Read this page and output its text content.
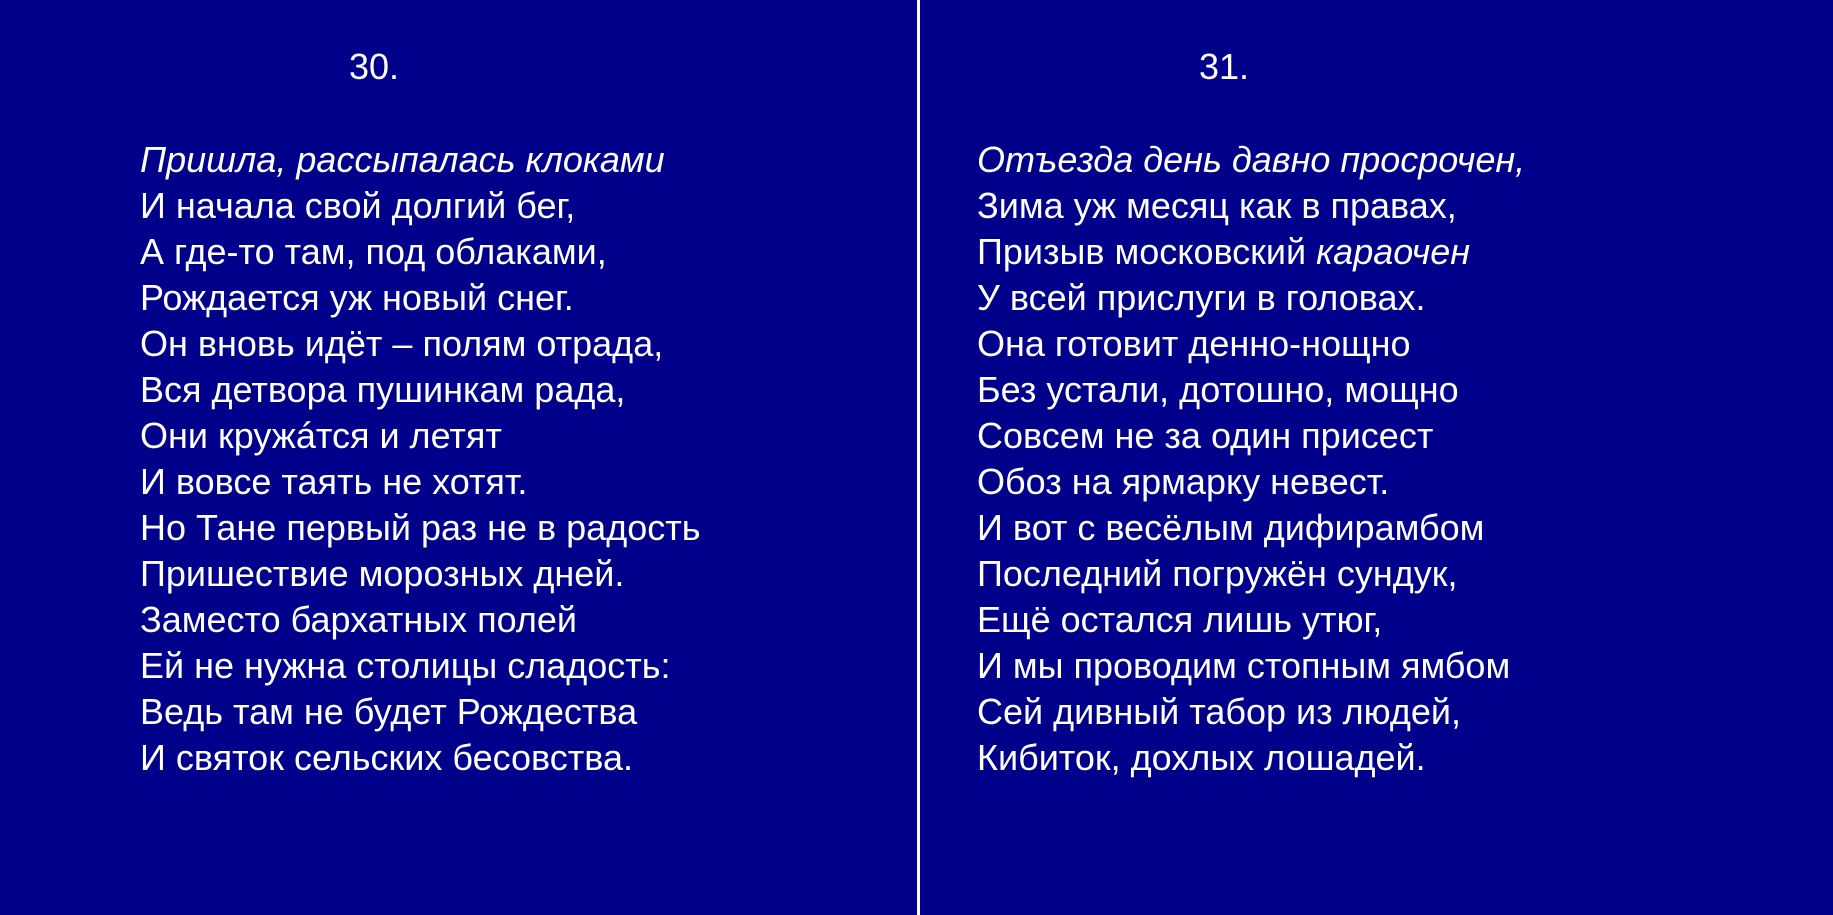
30.
Пришла, рассыпалась клоками
И начала свой долгий бег,
А где-то там, под облаками,
Рождается уж новый снег.
Он вновь идёт – полям отрада,
Вся детвора пушинкам рада,
Они кружáтся и летят
И вовсе таять не хотят.
Но Тане первый раз не в радость
Пришествие морозных дней.
Заместо бархатных полей
Ей не нужна столицы сладость:
Ведь там не будет Рождества
И святок сельских бесовства.
31.
Отъезда день давно просрочен,
Зима уж месяц как в правах,
Призыв московский караочен
У всей прислуги в головах.
Она готовит денно-нощно
Без устали, дотошно, мощно
Совсем не за один присест
Обоз на ярмарку невест.
И вот с весёлым дифирамбом
Последний погружён сундук,
Ещё остался лишь утюг,
И мы проводим стопным ямбом
Сей дивный табор из людей,
Кибиток, дохлых лошадей.
